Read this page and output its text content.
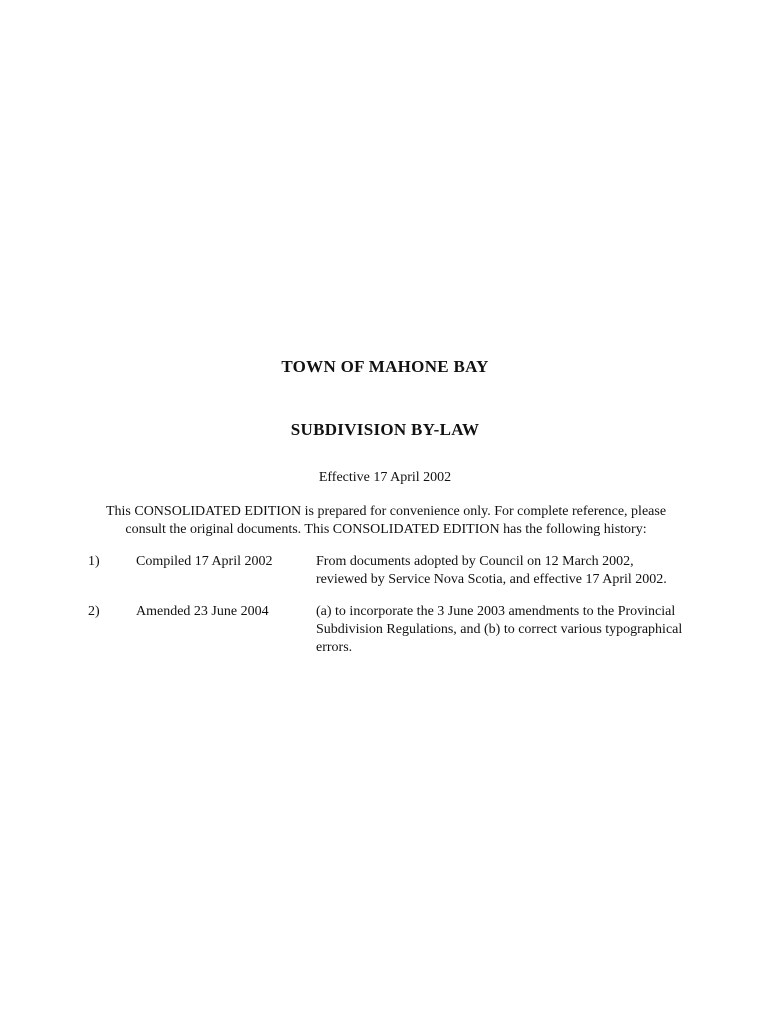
TOWN OF MAHONE BAY
SUBDIVISION BY-LAW
Effective 17 April 2002
This CONSOLIDATED EDITION is prepared for convenience only. For complete reference, please consult the original documents. This CONSOLIDATED EDITION has the following history:
1)	Compiled 17 April 2002	From documents adopted by Council on 12 March 2002, reviewed by Service Nova Scotia, and effective 17 April 2002.
2)	Amended 23 June 2004	(a) to incorporate the 3 June 2003 amendments to the Provincial Subdivision Regulations, and (b) to correct various typographical errors.
